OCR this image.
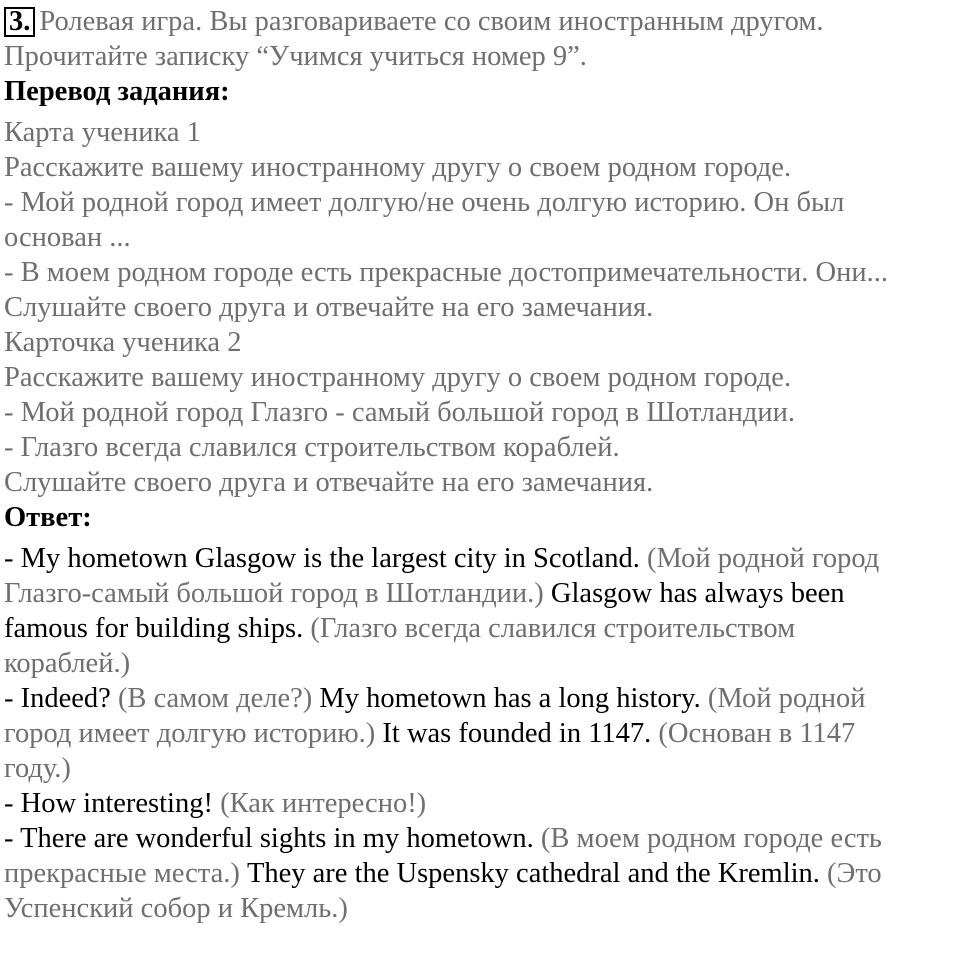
3. Ролевая игра. Вы разговариваете со своим иностранным другом.
Прочитайте записку “Учимся учиться номер 9”.
Перевод задания:
Карта ученика 1
Расскажите вашему иностранному другу о своем родном городе.
- Мой родной город имеет долгую/не очень долгую историю. Он был
основан ...
- В моем родном городе есть прекрасные достопримечательности. Они...
Слушайте своего друга и отвечайте на его замечания.
Карточка ученика 2
Расскажите вашему иностранному другу о своем родном городе.
- Мой родной город Глазго - самый большой город в Шотландии.
- Глазго всегда славился строительством кораблей.
Слушайте своего друга и отвечайте на его замечания.
Ответ:
- My hometown Glasgow is the largest city in Scotland. (Мой родной город
Глазго-самый большой город в Шотландии.) Glasgow has always been
famous for building ships. (Глазго всегда славился строительством
кораблей.)
- Indeed? (В самом деле?) My hometown has a long history. (Мой родной
город имеет долгую историю.) It was founded in 1147. (Основан в 1147
году.)
- How interesting! (Как интересно!)
- There are wonderful sights in my hometown. (В моем родном городе есть
прекрасные места.) They are the Uspensky cathedral and the Kremlin. (Это
Успенский собор и Кремль.)
